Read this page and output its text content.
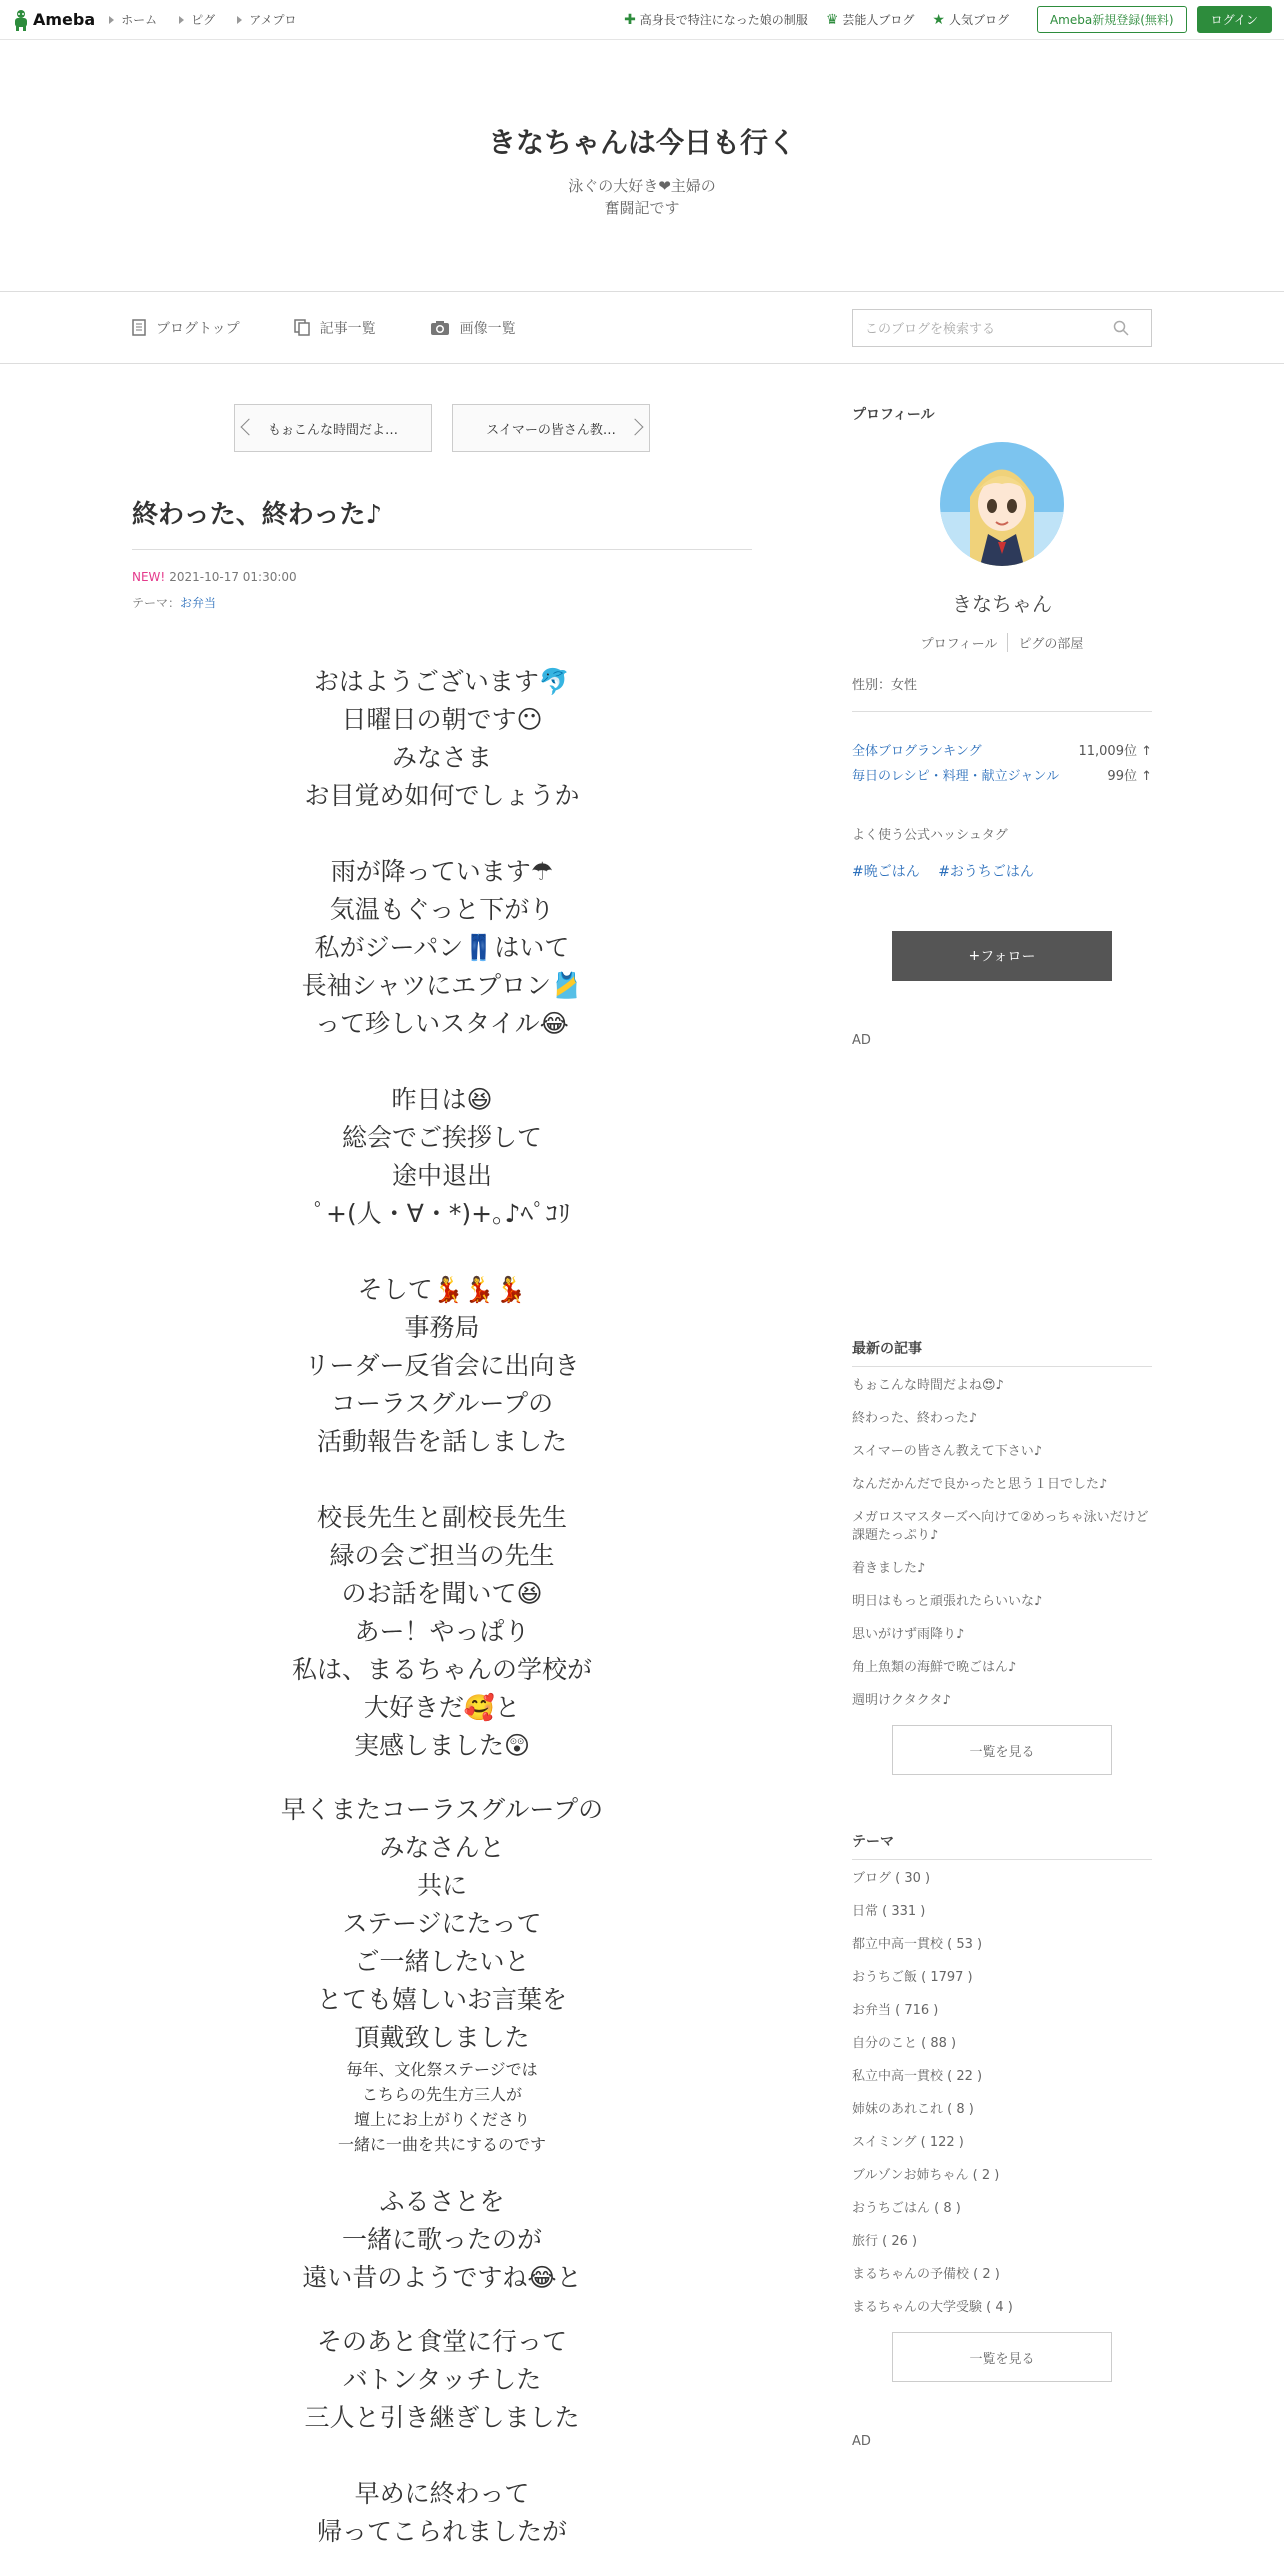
Ameba ホーム	ピグ	アメプロ	✚ 高身長で特注になった娘の制服 ♛ 芸能人ブログ ★ 人気ブログ	Ameba新規登録(無料)	ログイン
きなちゃんは今日も行く

泳ぐの大好き❤主婦の
奮闘記です

ブログトップ	記事一覧	画像一覧	このブログを検索する
もぉこんな時間だよ…	スイマーの皆さん教…
終わった、終わった♪
NEW! 2021-10-17 01:30:00
テーマ：お弁当
おはようございます🐬
日曜日の朝です😶
みなさま
お目覚め如何でしょうか
雨が降っています☂
気温もぐっと下がり
私がジーパン👖はいて
長袖シャツにエプロン🎽
って珍しいスタイル😂
昨日は😆
総会でご挨拶して
途中退出
ﾟ+(人・∀・*)+｡♪ﾍﾟｺﾘ
そして💃💃💃
事務局
リーダー反省会に出向き
コーラスグループの
活動報告を話しました
校長先生と副校長先生
緑の会ご担当の先生
のお話を聞いて😆
あー！やっぱり
私は、まるちゃんの学校が
大好きだ🥰と
実感しました😲
早くまたコーラスグループの
みなさんと
共に
ステージにたって
ご一緒したいと
とても嬉しいお言葉を
頂戴致しました
毎年、文化祭ステージでは
こちらの先生方三人が
壇上にお上がりくださり
一緒に一曲を共にするのです
ふるさとを
一緒に歌ったのが
遠い昔のようですね😂と
そのあと食堂に行って
バトンタッチした
三人と引き継ぎしました
早めに終わって
帰ってこられましたが
プロフィール
Ai
きなちゃん
プロフィール	ピグの部屋
性別：女性
全体ブログランキング	11,009位 ↑
毎日のレシピ・料理・献立ジャンル	99位 ↑
よく使う公式ハッシュタグ
#晩ごはん #おうちごはん
+ フォロー
AD
最新の記事
もぉこんな時間だよね😍♪
終わった、終わった♪
スイマーの皆さん教えて下さい♪
なんだかんだで良かったと思う１日でした♪
メガロスマスターズへ向けて②めっちゃ泳いだけど課題たっぷり♪
着きました♪
明日はもっと頑張れたらいいな♪
思いがけず雨降り♪
角上魚類の海鮮で晩ごはん♪
週明けクタクタ♪
一覧を見る
テーマ
ブログ ( 30 )
日常 ( 331 )
都立中高一貫校 ( 53 )
おうちご飯 ( 1797 )
お弁当 ( 716 )
自分のこと ( 88 )
私立中高一貫校 ( 22 )
姉妹のあれこれ ( 8 )
スイミング ( 122 )
ブルゾンお姉ちゃん ( 2 )
おうちごはん ( 8 )
旅行 ( 26 )
まるちゃんの予備校 ( 2 )
まるちゃんの大学受験 ( 4 )
一覧を見る
AD
